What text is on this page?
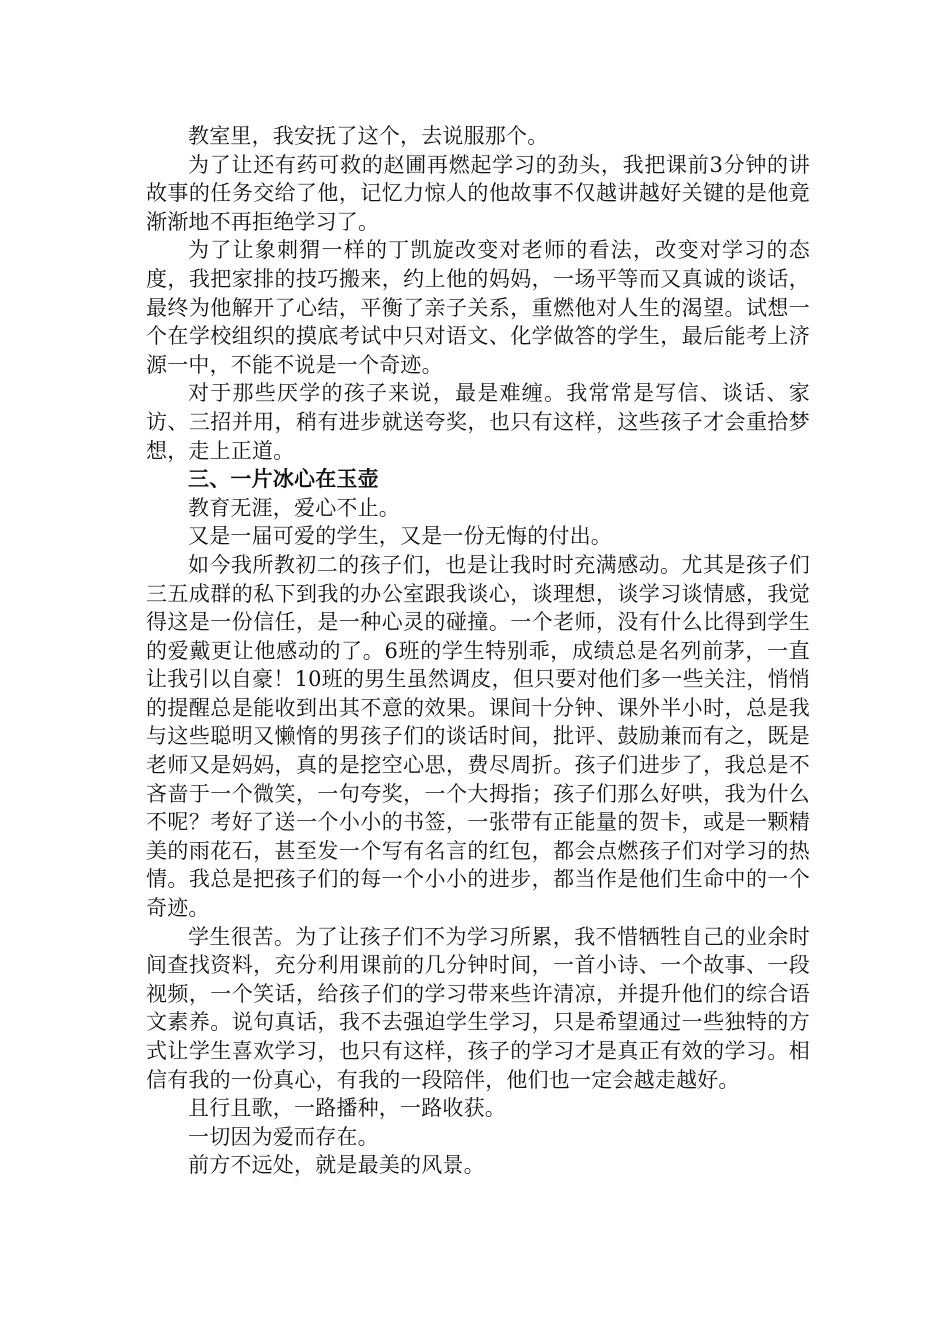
教室里，我安抚了这个，去说服那个。

为了让还有药可救的赵圃再燃起学习的劲头，我把课前3分钟的讲故事的任务交给了他，记忆力惊人的他故事不仅越讲越好关键的是他竟渐渐地不再拒绝学习了。

为了让象刺猬一样的丁凯旋改变对老师的看法，改变对学习的态度，我把家排的技巧搬来，约上他的妈妈，一场平等而又真诚的谈话，最终为他解开了心结，平衡了亲子关系，重燃他对人生的渴望。试想一个在学校组织的摸底考试中只对语文、化学做答的学生，最后能考上济源一中，不能不说是一个奇迹。

对于那些厌学的孩子来说，最是难缠。我常常是写信、谈话、家访、三招并用，稍有进步就送夸奖，也只有这样，这些孩子才会重拾梦想，走上正道。

三、一片冰心在玉壶

教育无涯，爱心不止。

又是一届可爱的学生，又是一份无悔的付出。

如今我所教初二的孩子们，也是让我时时充满感动。尤其是孩子们三五成群的私下到我的办公室跟我谈心，谈理想，谈学习谈情感，我觉得这是一份信任，是一种心灵的碰撞。一个老师，没有什么比得到学生的爱戴更让他感动的了。6班的学生特别乖，成绩总是名列前茅，一直让我引以自豪！10班的男生虽然调皮，但只要对他们多一些关注，悄悄的提醒总是能收到出其不意的效果。课间十分钟、课外半小时，总是我与这些聪明又懒惰的男孩子们的谈话时间，批评、鼓励兼而有之，既是老师又是妈妈，真的是挖空心思，费尽周折。孩子们进步了，我总是不吝啬于一个微笑，一句夸奖，一个大拇指；孩子们那么好哄，我为什么不呢？考好了送一个小小的书签，一张带有正能量的贺卡，或是一颗精美的雨花石，甚至发一个写有名言的红包，都会点燃孩子们对学习的热情。我总是把孩子们的每一个小小的进步，都当作是他们生命中的一个奇迹。

学生很苦。为了让孩子们不为学习所累，我不惜牺牲自己的业余时间查找资料，充分利用课前的几分钟时间，一首小诗、一个故事、一段视频，一个笑话，给孩子们的学习带来些许清凉，并提升他们的综合语文素养。说句真话，我不去强迫学生学习，只是希望通过一些独特的方式让学生喜欢学习，也只有这样，孩子的学习才是真正有效的学习。相信有我的一份真心，有我的一段陪伴，他们也一定会越走越好。

且行且歌，一路播种，一路收获。

一切因为爱而存在。

前方不远处，就是最美的风景。
